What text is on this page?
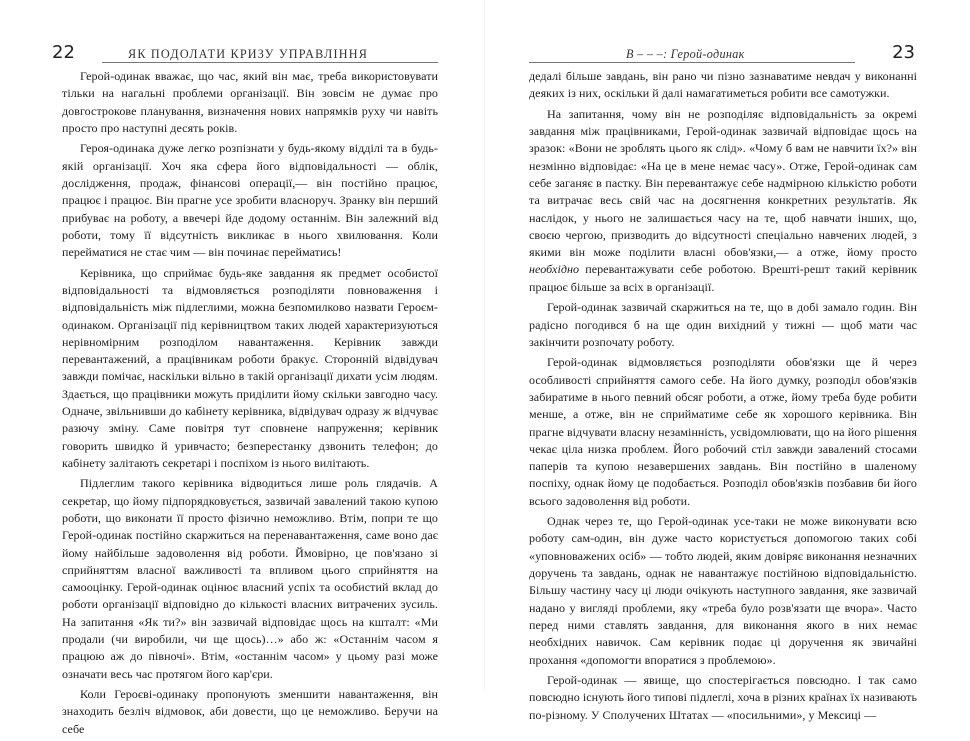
22	ЯК ПОДОЛАТИ КРИЗУ УПРАВЛІННЯ

Герой-одинак вважає, що час, який він має, треба використовувати тільки на нагальні проблеми організації. Він зовсім не думає про довгострокове планування, визначення нових напрямків руху чи навіть просто про наступні десять років.

Героя-одинака дуже легко розпізнати у будь-якому відділі та в будь-якій організації. Хоч яка сфера його відповідальності — облік, дослідження, продаж, фінансові операції,— він постійно працює, працює і працює. Він прагне усе зробити власноруч. Зранку він перший прибуває на роботу, а ввечері йде додому останнім. Він залежний від роботи, тому її відсутність викликає в нього хвилювання. Коли перейматися не стає чим — він починає перейматись!

Керівника, що сприймає будь-яке завдання як предмет особистої відповідальності та відмовляється розподіляти повноваження і відповідальність між підлеглими, можна безпомилково назвати Героєм-одинаком. Організації під керівництвом таких людей характеризуються нерівномірним розподілом навантаження. Керівник завжди перевантажений, а працівникам роботи бракує. Сторонній відвідувач завжди помічає, наскільки вільно в такій організації дихати усім людям. Здається, що працівники можуть приділити йому скільки завгодно часу. Одначе, звільнивши до кабінету керівника, відвідувач одразу ж відчуває разючу зміну. Саме повітря тут сповнене напруження; керівник говорить швидко й уривчасто; безперестанку дзвонить телефон; до кабінету залітають секретарі і поспіхом із нього вилітають.

Підлеглим такого керівника відводиться лише роль глядачів. А секретар, що йому підпорядковується, зазвичай завалений такою купою роботи, що виконати її просто фізично неможливо. Втім, попри те що Герой-одинак постійно скаржиться на перенавантаження, саме воно дає йому найбільше задоволення від роботи. Ймовірно, це пов'язано зі сприйняттям власної важливості та впливом цього сприйняття на самооцінку. Герой-одинак оцінює власний успіх та особистий вклад до роботи організації відповідно до кількості власних витрачених зусиль. На запитання «Як ти?» він зазвичай відповідає щось на кшталт: «Ми продали (чи виробили, чи ще щось)…» або ж: «Останнім часом я працюю аж до півночі». Втім, «останнім часом» у цьому разі може означати весь час протягом його кар'єри.

Коли Героєві-одинаку пропонують зменшити навантаження, він знаходить безліч відмовок, аби довести, що це неможливо. Беручи на себе

В – – –: Герой-одинак	23

дедалі більше завдань, він рано чи пізно зазнаватиме невдач у виконанні деяких із них, оскільки й далі намагатиметься робити все самотужки.

На запитання, чому він не розподіляє відповідальність за окремі завдання між працівниками, Герой-одинак зазвичай відповідає щось на зразок: «Вони не зроблять цього як слід». «Чому б вам не навчити їх?» він незмінно відповідає: «На це в мене немає часу». Отже, Герой-одинак сам себе заганяє в пастку. Він перевантажує себе надмірною кількістю роботи та витрачає весь свій час на досягнення конкретних результатів. Як наслідок, у нього не залишається часу на те, щоб навчати інших, що, своєю чергою, призводить до відсутності спеціально навчених людей, з якими він може поділити власні обов'язки,— а отже, йому просто необхідно перевантажувати себе роботою. Врешті-решт такий керівник працює більше за всіх в організації.

Герой-одинак зазвичай скаржиться на те, що в добі замало годин. Він радісно погодився б на ще один вихідний у тижні — щоб мати час закінчити розпочату роботу.

Герой-одинак відмовляється розподіляти обов'язки ще й через особливості сприйняття самого себе. На його думку, розподіл обов'язків забиратиме в нього певний обсяг роботи, а отже, йому треба буде робити менше, а отже, він не сприйматиме себе як хорошого керівника. Він прагне відчувати власну незамінність, усвідомлювати, що на його рішення чекає ціла низка проблем. Його робочий стіл завжди завалений стосами паперів та купою незавершених завдань. Він постійно в шаленому поспіху, однак йому це подобається. Розподіл обов'язків позбавив би його всього задоволення від роботи.

Однак через те, що Герой-одинак усе-таки не може виконувати всю роботу сам-один, він дуже часто користується допомогою таких собі «уповноважених осіб» — тобто людей, яким довіряє виконання незначних доручень та завдань, однак не навантажує постійною відповідальністю. Більшу частину часу ці люди очікують наступного завдання, яке зазвичай надано у вигляді проблеми, яку «треба було розв'язати ще вчора». Часто перед ними ставлять завдання, для виконання якого в них немає необхідних навичок. Сам керівник подає ці доручення як звичайні прохання «допомогти впоратися з проблемою».

Герой-одинак — явище, що спостерігається повсюдно. І так само повсюдно існують його типові підлеглі, хоча в різних країнах їх називають по-різному. У Сполучених Штатах — «посильними», у Мексиці —
